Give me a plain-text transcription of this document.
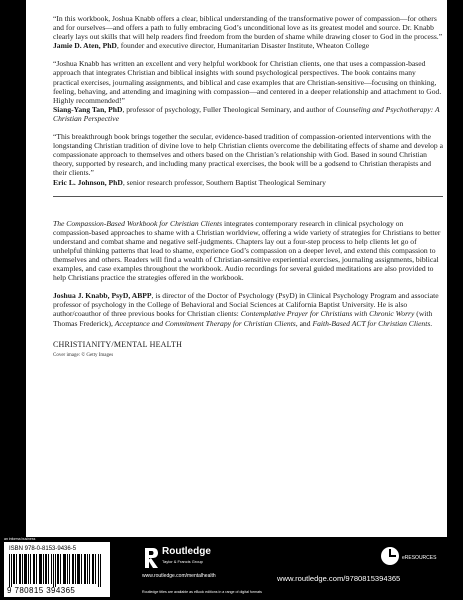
“In this workbook, Joshua Knabb offers a clear, biblical understanding of the transformative power of compassion—for others and for ourselves—and offers a path to fully embracing God’s unconditional love as its greatest model and source. Dr. Knabb clearly lays out skills that will help readers find freedom from the burden of shame while drawing closer to God in the process.”

Jamie D. Aten, PhD, founder and executive director, Humanitarian Disaster Institute, Wheaton College

“Joshua Knabb has written an excellent and very helpful workbook for Christian clients, one that uses a compassion-based approach that integrates Christian and biblical insights with sound psychological perspectives. The book contains many practical exercises, journaling assignments, and biblical and case examples that are Christian-sensitive—focusing on thinking, feeling, behaving, and attending and imagining with compassion—and centered in a deeper relationship and attachment to God. Highly recommended!”

Siang-Yang Tan, PhD, professor of psychology, Fuller Theological Seminary, and author of Counseling and Psychotherapy: A Christian Perspective

“This breakthrough book brings together the secular, evidence-based tradition of compassion-oriented interventions with the longstanding Christian tradition of divine love to help Christian clients overcome the debilitating effects of shame and develop a compassionate approach to themselves and others based on the Christian’s relationship with God. Based in sound Christian theory, supported by research, and including many practical exercises, the book will be a godsend to Christian therapists and their clients.”

Eric L. Johnson, PhD, senior research professor, Southern Baptist Theological Seminary

The Compassion-Based Workbook for Christian Clients integrates contemporary research in clinical psychology on compassion-based approaches to shame with a Christian worldview, offering a wide variety of strategies for Christians to better understand and combat shame and negative self-judgments. Chapters lay out a four-step process to help clients let go of unhelpful thinking patterns that lead to shame, experience God’s compassion on a deeper level, and extend this compassion to themselves and others. Readers will find a wealth of Christian-sensitive experiential exercises, journaling assignments, biblical examples, and case examples throughout the workbook. Audio recordings for several guided meditations are also provided to help Christians practice the strategies offered in the workbook.

Joshua J. Knabb, PsyD, ABPP, is director of the Doctor of Psychology (PsyD) in Clinical Psychology Program and associate professor of psychology in the College of Behavioral and Social Sciences at California Baptist University. He is also author/coauthor of three previous books for Christian clients: Contemplative Prayer for Christians with Chronic Worry (with Thomas Frederick), Acceptance and Commitment Therapy for Christian Clients, and Faith-Based ACT for Christian Clients.

CHRISTIANITY/MENTAL HEALTH

Cover image: © Getty Images

an informa business
ISBN 978-0-8153-9436-5
9 780815 394365
Routledge
Taylor & Francis Group
www.routledge.com/mentalhealth
eRESOURCES
www.routledge.com/9780815394365
Routledge titles are available as eBook editions in a range of digital formats
